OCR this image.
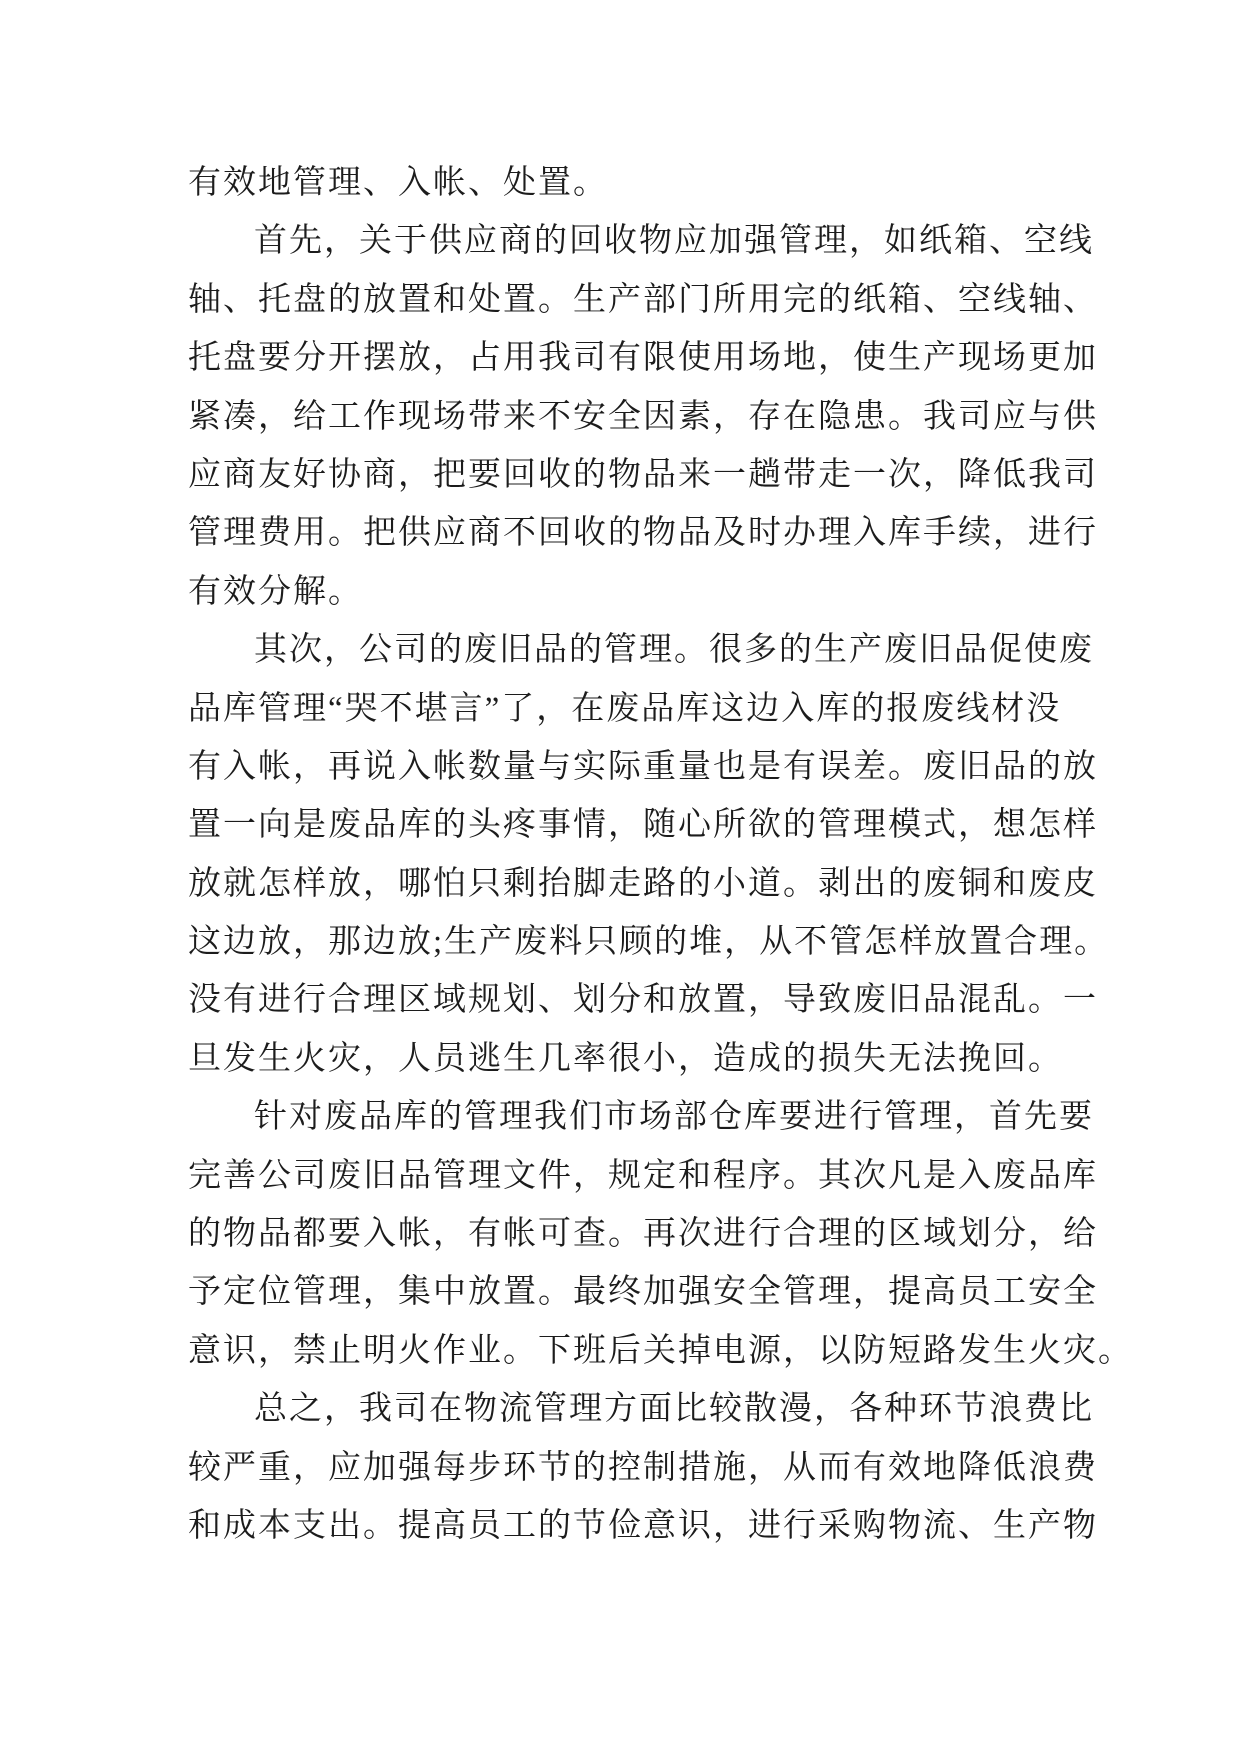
有效地管理、入帐、处置。
首先，关于供应商的回收物应加强管理，如纸箱、空线
轴、托盘的放置和处置。生产部门所用完的纸箱、空线轴、
托盘要分开摆放，占用我司有限使用场地，使生产现场更加
紧凑，给工作现场带来不安全因素，存在隐患。我司应与供
应商友好协商，把要回收的物品来一趟带走一次，降低我司
管理费用。把供应商不回收的物品及时办理入库手续，进行
有效分解。
其次，公司的废旧品的管理。很多的生产废旧品促使废
品库管理“哭不堪言”了，在废品库这边入库的报废线材没
有入帐，再说入帐数量与实际重量也是有误差。废旧品的放
置一向是废品库的头疼事情，随心所欲的管理模式，想怎样
放就怎样放，哪怕只剩抬脚走路的小道。剥出的废铜和废皮
这边放，那边放;生产废料只顾的堆，从不管怎样放置合理。
没有进行合理区域规划、划分和放置，导致废旧品混乱。一
旦发生火灾，人员逃生几率很小，造成的损失无法挽回。
针对废品库的管理我们市场部仓库要进行管理，首先要
完善公司废旧品管理文件，规定和程序。其次凡是入废品库
的物品都要入帐，有帐可查。再次进行合理的区域划分，给
予定位管理，集中放置。最终加强安全管理，提高员工安全
意识，禁止明火作业。下班后关掉电源，以防短路发生火灾。
总之，我司在物流管理方面比较散漫，各种环节浪费比
较严重，应加强每步环节的控制措施，从而有效地降低浪费
和成本支出。提高员工的节俭意识，进行采购物流、生产物
